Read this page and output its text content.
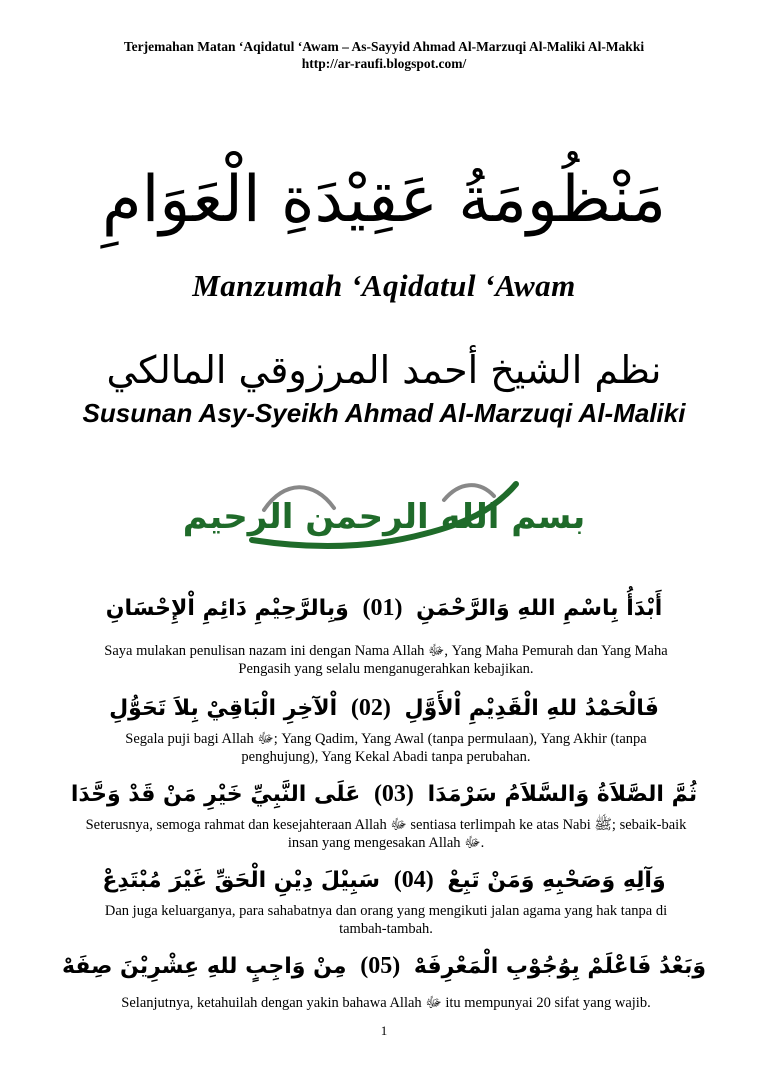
Terjemahan Matan ‘Aqidatul ‘Awam – As-Sayyid Ahmad Al-Marzuqi Al-Maliki Al-Makki
http://ar-raufi.blogspot.com/
مَنْظُومَةُ عَقِيْدَةِ الْعَوَامِ
Manzumah ‘Aqidatul ‘Awam
نظم الشيخ أحمد المرزوقي المالكي
Susunan Asy-Syeikh Ahmad Al-Marzuqi Al-Maliki
بسم الله الرحمن الرحيم
أَبْدَأُ بِاسْمِ اللهِ وَالرَّحْمَنِ (01) وَبِالرَّحِيْمِ دَائِمِ اْلإِحْسَانِ
Saya mulakan penulisan nazam ini dengan Nama Allah ﷻ, Yang Maha Pemurah dan Yang Maha Pengasih yang selalu menganugerahkan kebajikan.
فَالْحَمْدُ للهِ الْقَدِيْمِ اْلأَوَّلِ (02) اْلآخِرِ الْبَاقِيْ بِلاَ تَحَوُّلِ
Segala puji bagi Allah ﷻ; Yang Qadim, Yang Awal (tanpa permulaan), Yang Akhir (tanpa penghujung), Yang Kekal Abadi tanpa perubahan.
ثُمَّ الصَّلاَةُ وَالسَّلاَمُ سَرْمَدَا (03) عَلَى النَّبِيِّ خَيْرِ مَنْ قَدْ وَحَّدَا
Seterusnya, semoga rahmat dan kesejahteraan Allah ﷻ sentiasa terlimpah ke atas Nabi ﷺ; sebaik-baik insan yang mengesakan Allah ﷻ.
وَآلِهِ وَصَحْبِهِ وَمَنْ تَبِعْ (04) سَبِيْلَ دِيْنِ الْحَقِّ غَيْرَ مُبْتَدِعْ
Dan juga keluarganya, para sahabatnya dan orang yang mengikuti jalan agama yang hak tanpa di tambah-tambah.
وَبَعْدُ فَاعْلَمْ بِوُجُوْبِ الْمَعْرِفَهْ (05) مِنْ وَاجِبٍ للهِ عِشْرِيْنَ صِفَهْ
Selanjutnya, ketahuilah dengan yakin bahawa Allah ﷻ itu mempunyai 20 sifat yang wajib.
1
